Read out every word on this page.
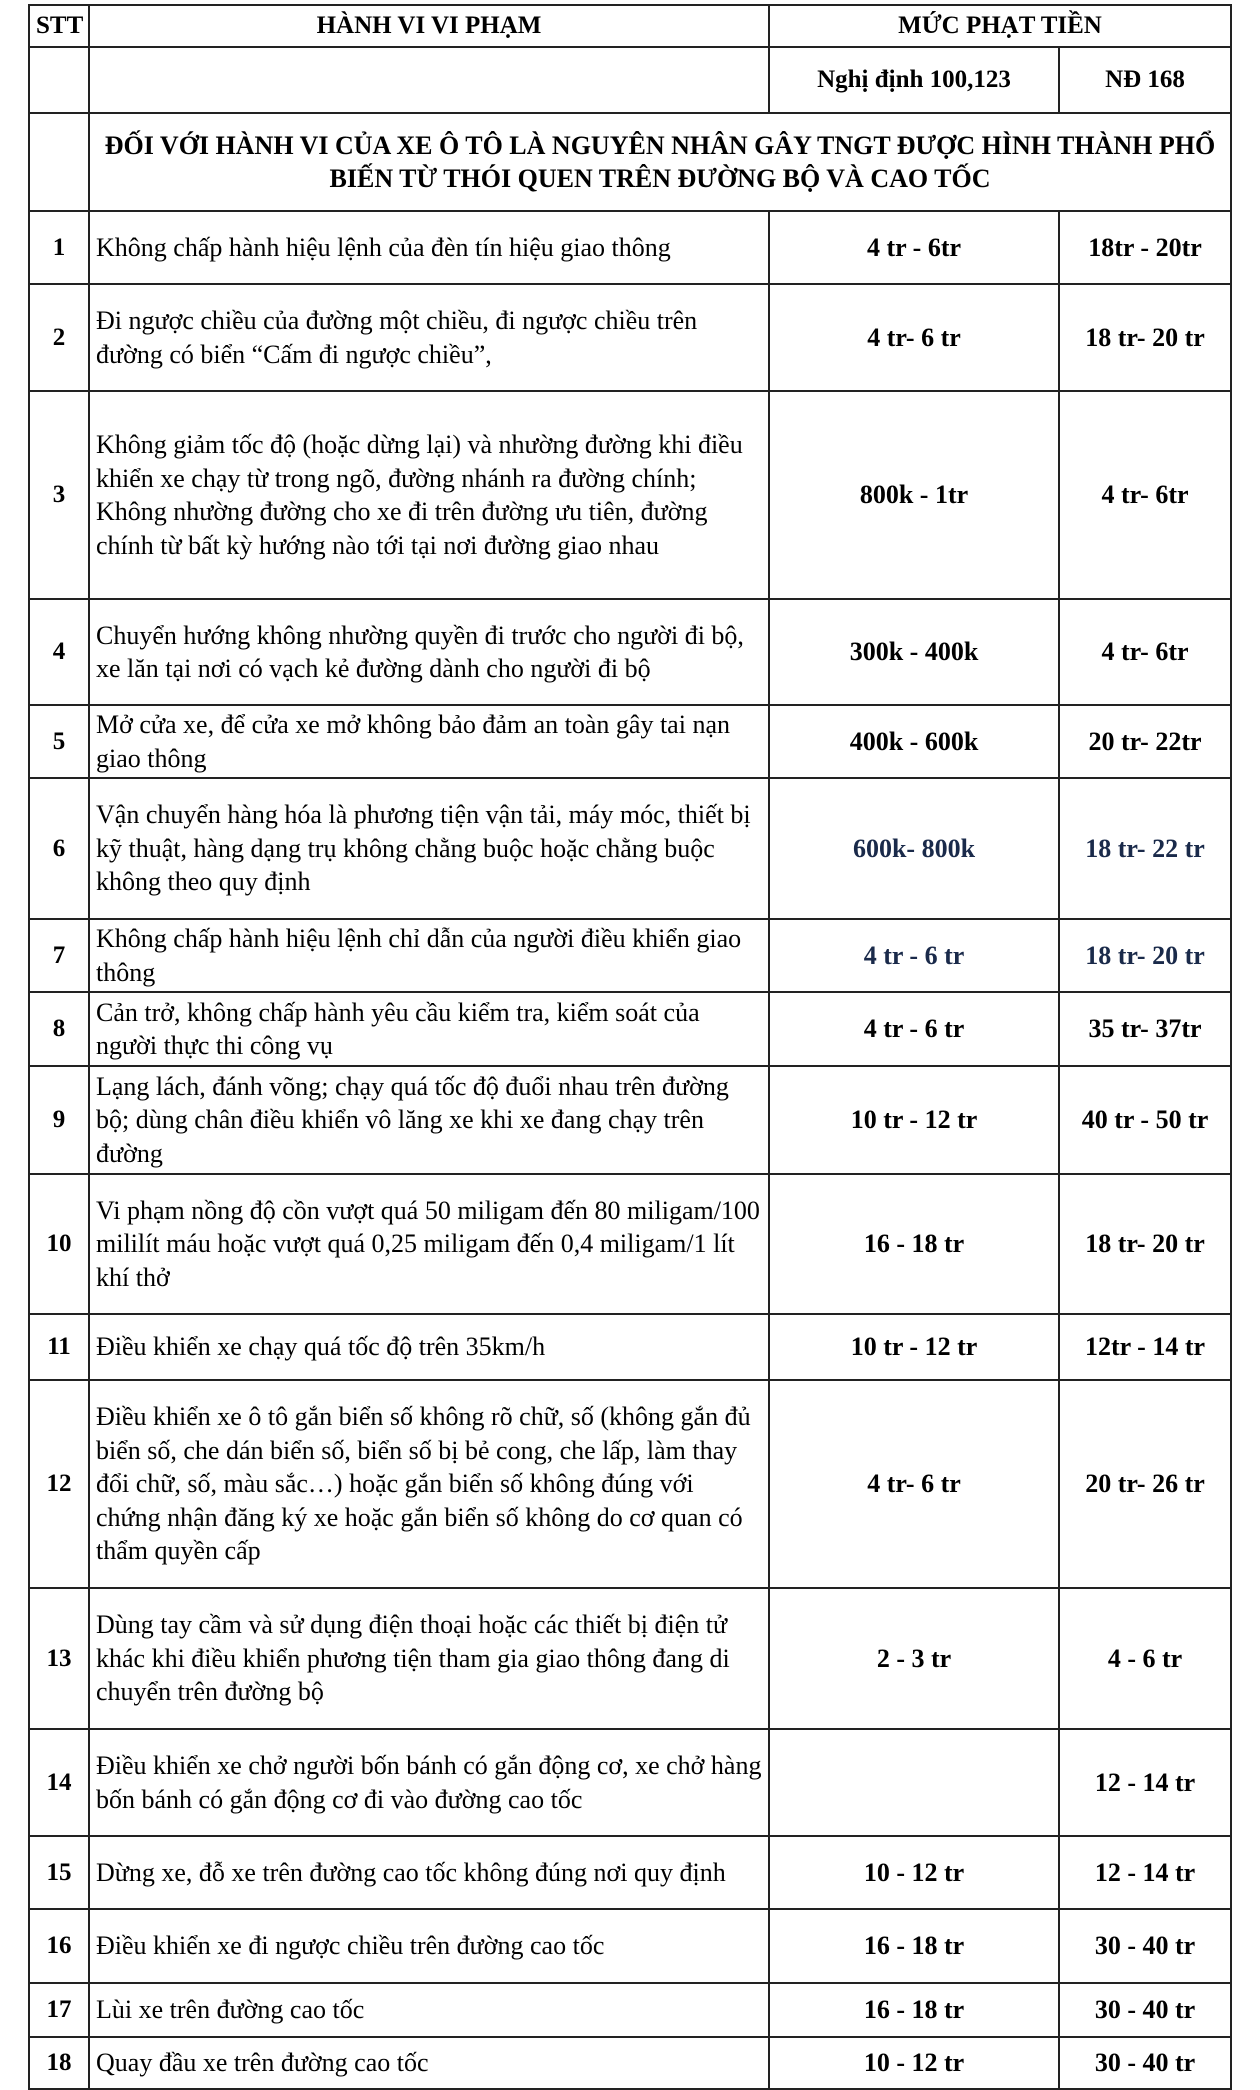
STT	HÀNH VI VI PHẠM	MỨC PHẠT TIỀN	
		Nghị định 100,123	NĐ 168
	ĐỐI VỚI HÀNH VI CỦA XE Ô TÔ LÀ NGUYÊN NHÂN GÂY TNGT ĐƯỢC HÌNH THÀNH PHỔ BIẾN TỪ THÓI QUEN TRÊN ĐƯỜNG BỘ VÀ CAO TỐC		
1	Không chấp hành hiệu lệnh của đèn tín hiệu giao thông	4 tr - 6tr	18tr - 20tr
2	Đi ngược chiều của đường một chiều, đi ngược chiều trên đường có biển “Cấm đi ngược chiều”,	4 tr- 6 tr	18 tr- 20 tr
3	Không giảm tốc độ (hoặc dừng lại) và nhường đường khi điều khiển xe chạy từ trong ngõ, đường nhánh ra đường chính; Không nhường đường cho xe đi trên đường ưu tiên, đường chính từ bất kỳ hướng nào tới tại nơi đường giao nhau	800k - 1tr	4 tr- 6tr
4	Chuyển hướng không nhường quyền đi trước cho người đi bộ, xe lăn tại nơi có vạch kẻ đường dành cho người đi bộ	300k - 400k	4 tr- 6tr
5	Mở cửa xe, để cửa xe mở không bảo đảm an toàn gây tai nạn giao thông	400k - 600k	20 tr- 22tr
6	Vận chuyển hàng hóa là phương tiện vận tải, máy móc, thiết bị kỹ thuật, hàng dạng trụ không chằng buộc hoặc chằng buộc không theo quy định	600k- 800k	18 tr- 22 tr
7	Không chấp hành hiệu lệnh chỉ dẫn của người điều khiển giao thông	4 tr - 6 tr	18 tr- 20 tr
8	Cản trở, không chấp hành yêu cầu kiểm tra, kiểm soát của người thực thi công vụ	4 tr - 6 tr	35 tr- 37tr
9	Lạng lách, đánh võng; chạy quá tốc độ đuổi nhau trên đường bộ; dùng chân điều khiển vô lăng xe khi xe đang chạy trên đường	10 tr - 12 tr	40 tr - 50 tr
10	Vi phạm nồng độ cồn vượt quá 50 miligam đến 80 miligam/100 mililít máu hoặc vượt quá 0,25 miligam đến 0,4 miligam/1 lít khí thở	16 - 18 tr	18 tr- 20 tr
11	Điều khiển xe chạy quá tốc độ trên 35km/h	10 tr - 12 tr	12tr - 14 tr
12	Điều khiển xe ô tô gắn biển số không rõ chữ, số (không gắn đủ biển số, che dán biển số, biển số bị bẻ cong, che lấp, làm thay đổi chữ, số, màu sắc…) hoặc gắn biển số không đúng với chứng nhận đăng ký xe hoặc gắn biển số không do cơ quan có thẩm quyền cấp	4 tr- 6 tr	20 tr- 26 tr
13	Dùng tay cầm và sử dụng điện thoại hoặc các thiết bị điện tử khác khi điều khiển phương tiện tham gia giao thông đang di chuyển trên đường bộ	2 - 3 tr	4 - 6 tr
14	Điều khiển xe chở người bốn bánh có gắn động cơ, xe chở hàng bốn bánh có gắn động cơ đi vào đường cao tốc		12 - 14 tr
15	Dừng xe, đỗ xe trên đường cao tốc không đúng nơi quy định	10 - 12 tr	12 - 14 tr
16	Điều khiển xe đi ngược chiều trên đường cao tốc	16 - 18 tr	30 - 40 tr
17	Lùi xe trên đường cao tốc	16 - 18 tr	30 - 40 tr
18	Quay đầu xe trên đường cao tốc	10 - 12 tr	30 - 40 tr
